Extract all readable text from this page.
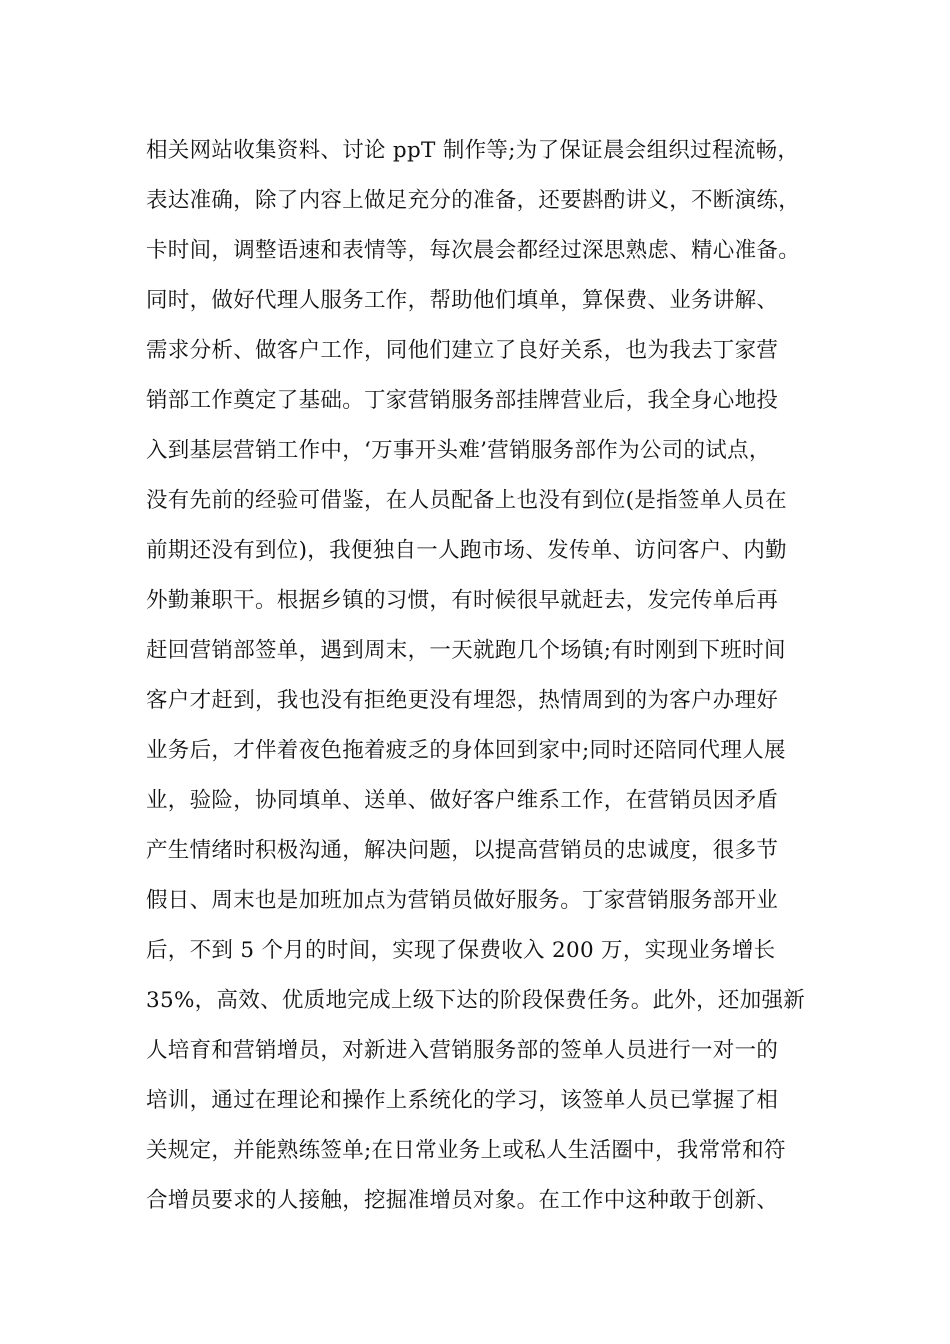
相关网站收集资料、讨论 ppT 制作等;为了保证晨会组织过程流畅，
表达准确，除了内容上做足充分的准备，还要斟酌讲义，不断演练，
卡时间，调整语速和表情等，每次晨会都经过深思熟虑、精心准备。
同时，做好代理人服务工作，帮助他们填单，算保费、业务讲解、
需求分析、做客户工作，同他们建立了良好关系，也为我去丁家营
销部工作奠定了基础。丁家营销服务部挂牌营业后，我全身心地投
入到基层营销工作中，‘万事开头难’营销服务部作为公司的试点，
没有先前的经验可借鉴，在人员配备上也没有到位(是指签单人员在
前期还没有到位)，我便独自一人跑市场、发传单、访问客户、内勤
外勤兼职干。根据乡镇的习惯，有时候很早就赶去，发完传单后再
赶回营销部签单，遇到周末，一天就跑几个场镇;有时刚到下班时间
客户才赶到，我也没有拒绝更没有埋怨，热情周到的为客户办理好
业务后，才伴着夜色拖着疲乏的身体回到家中;同时还陪同代理人展
业，验险，协同填单、送单、做好客户维系工作，在营销员因矛盾
产生情绪时积极沟通，解决问题，以提高营销员的忠诚度，很多节
假日、周末也是加班加点为营销员做好服务。丁家营销服务部开业
后，不到 5 个月的时间，实现了保费收入 200 万，实现业务增长
35%，高效、优质地完成上级下达的阶段保费任务。此外，还加强新
人培育和营销增员，对新进入营销服务部的签单人员进行一对一的
培训，通过在理论和操作上系统化的学习，该签单人员已掌握了相
关规定，并能熟练签单;在日常业务上或私人生活圈中，我常常和符
合增员要求的人接触，挖掘准增员对象。在工作中这种敢于创新、
